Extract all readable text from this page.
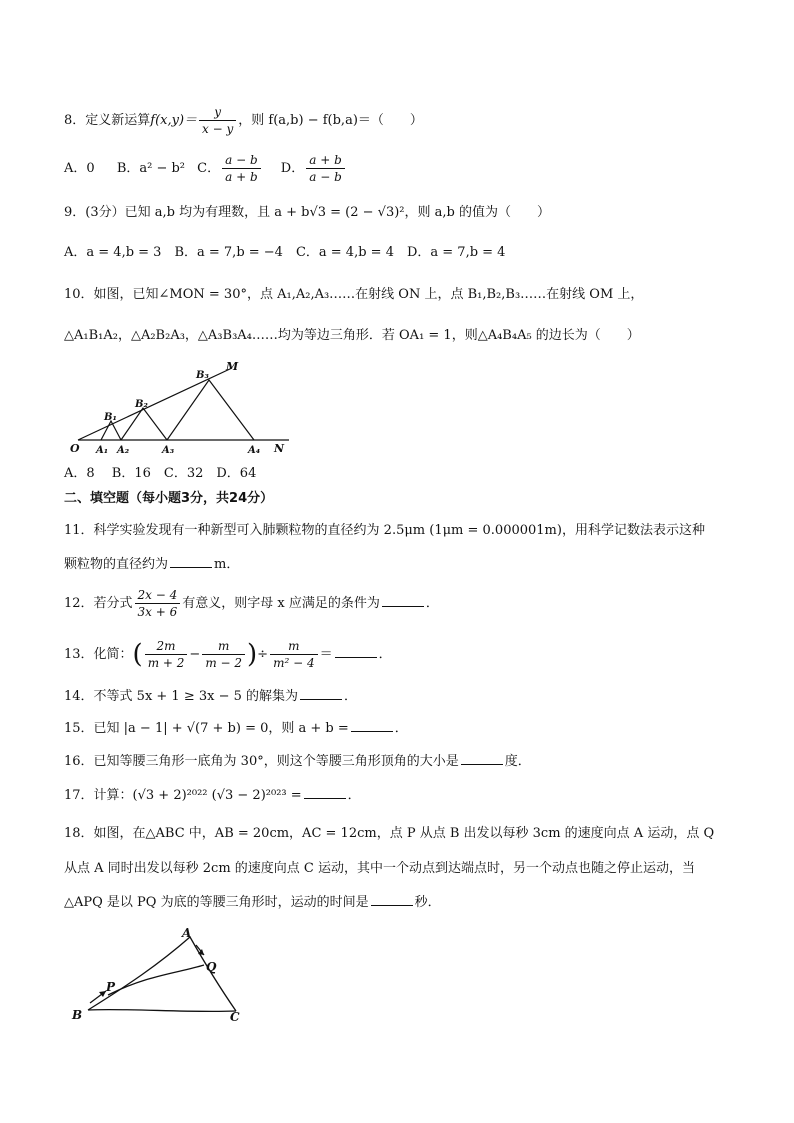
8．定义新运算$f(x,y)= \frac{y}{x - y}$ ，则 f(a,b) − f(b,a)＝（　　）
A．0 B．a² − b² C． $\frac{a - b}{a + b}$ D． $\frac{a + b}{a - b}$
9．(3分）已知 a,b 均为有理数，且 a + b√3 = (2 − √3)²，则 a,b 的值为（　　）
A．a = 4,b = 3　B．a = 7,b = −4　C．a = 4,b = 4　D．a = 7,b = 4
10．如图，已知∠MON = 30°，点 A₁,A₂,A₃……在射线 ON 上，点 B₁,B₂,B₃……在射线 OM 上，
△A₁B₁A₂，△A₂B₂A₃，△A₃B₃A₄……均为等边三角形．若 OA₁ = 1，则△A₄B₄A₅ 的边长为（　　）
O	N
M
A₁ A₂	A₃	A₄
B₁
B₂
B₃
A．8　 B．16　C．32　D．64
二、填空题（每小题3分，共24分）
11．科学实验发现有一种新型可入肺颗粒物的直径约为 2.5μm (1μm = 0.000001m)，用科学记数法表示这种
颗粒物的直径约为	m．
12．若分式 $\frac{2x - 4}{3x + 6}$ 有意义，则字母 x 应满足的条件为	．
13．化简：( $\frac{2m}{m + 2} - \frac{m}{m - 2}$ )÷ $\frac{m}{\text{m² − 4}}$ ＝	．
14．不等式 5x + 1 ≥ 3x − 5 的解集为	．
15．已知 |a − 1| + √(7 + b) = 0，则 a + b =	．
16．已知等腰三角形一底角为 30°，则这个等腰三角形顶角的大小是	度．
17．计算：(√3 + 2)²⁰²² (√3 − 2)²⁰²³ =	．
18．如图，在△ABC 中，AB = 20cm，AC = 12cm，点 P 从点 B 出发以每秒 3cm 的速度向点 A 运动，点 Q
从点 A 同时出发以每秒 2cm 的速度向点 C 运动，其中一个动点到达端点时，另一个动点也随之停止运动，当
△APQ 是以 PQ 为底的等腰三角形时，运动的时间是	秒．
A
B	C
P
Q
